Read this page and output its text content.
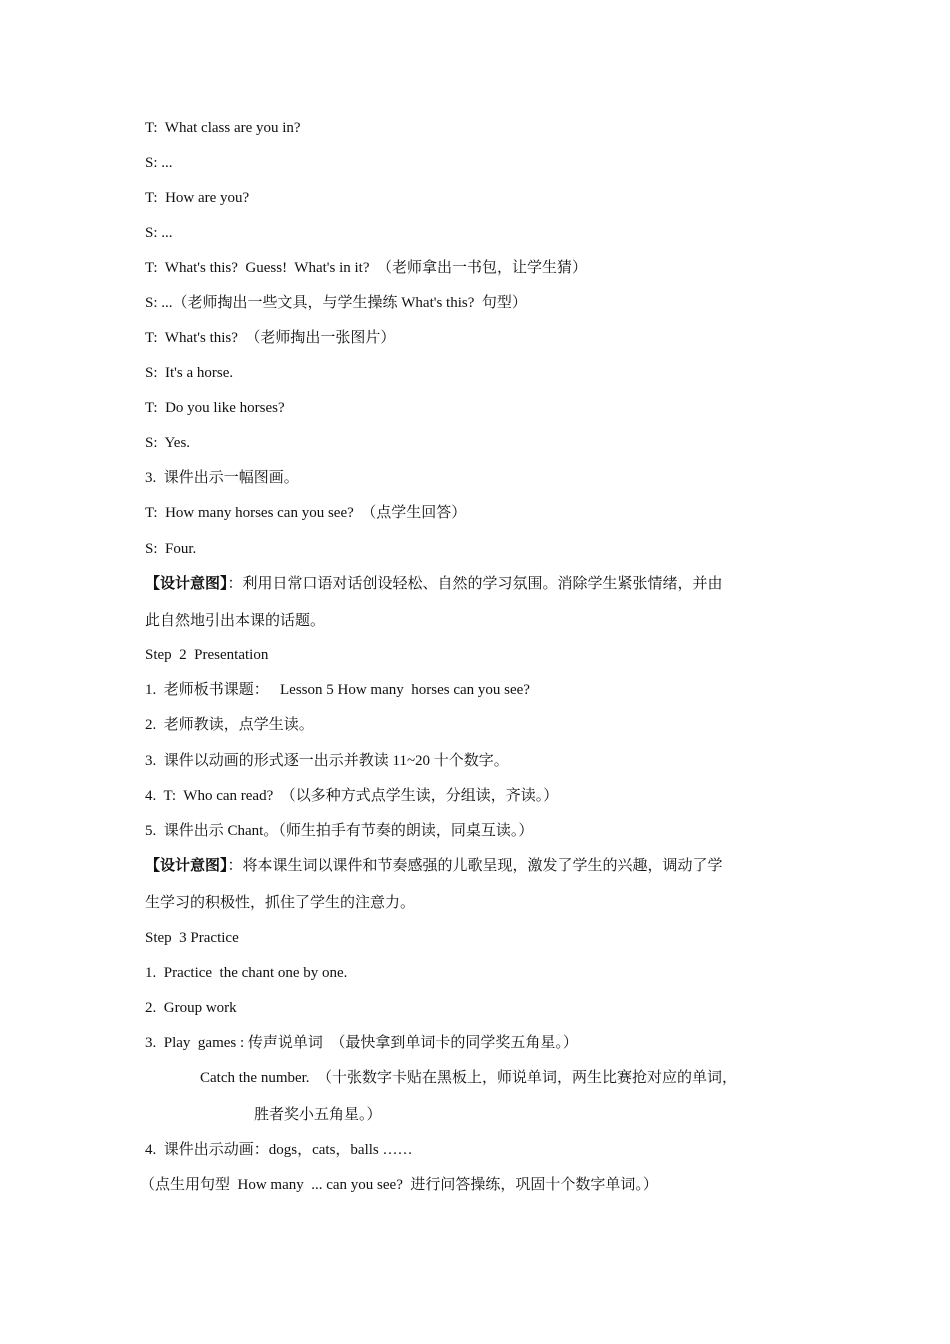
T:  What class are you in?
S: ...
T:  How are you?
S: ...
T:  What's this?  Guess!  What's in it?  （老师拿出一书包，让学生猜）
S: ...（老师掏出一些文具，与学生操练 What's this?  句型）
T:  What's this?  （老师掏出一张图片）
S:  It's a horse.
T:  Do you like horses?
S:  Yes.
3.  课件出示一幅图画。
T:  How many horses can you see?  （点学生回答）
S:  Four.
【设计意图】：利用日常口语对话创设轻松、自然的学习氛围。消除学生紧张情绪，并由
此自然地引出本课的话题。
Step  2  Presentation
1.  老师板书课题：   Lesson 5 How many  horses can you see?
2.  老师教读，点学生读。
3.  课件以动画的形式逐一出示并教读 11~20 十个数字。
4.  T:  Who can read?  （以多种方式点学生读，分组读，齐读。）
5.  课件出示 Chant。（师生拍手有节奏的朗读，同桌互读。）
【设计意图】：将本课生词以课件和节奏感强的儿歌呈现，激发了学生的兴趣，调动了学
生学习的积极性，抓住了学生的注意力。
Step  3 Practice
1.  Practice  the chant one by one.
2.  Group work
3.  Play  games : 传声说单词  （最快拿到单词卡的同学奖五角星。）
Catch the number.  （十张数字卡贴在黑板上，师说单词，两生比赛抢对应的单词，
胜者奖小五角星。）
4.  课件出示动画：dogs，cats，balls ……
（点生用句型  How many  ... can you see?  进行问答操练，巩固十个数字单词。）
